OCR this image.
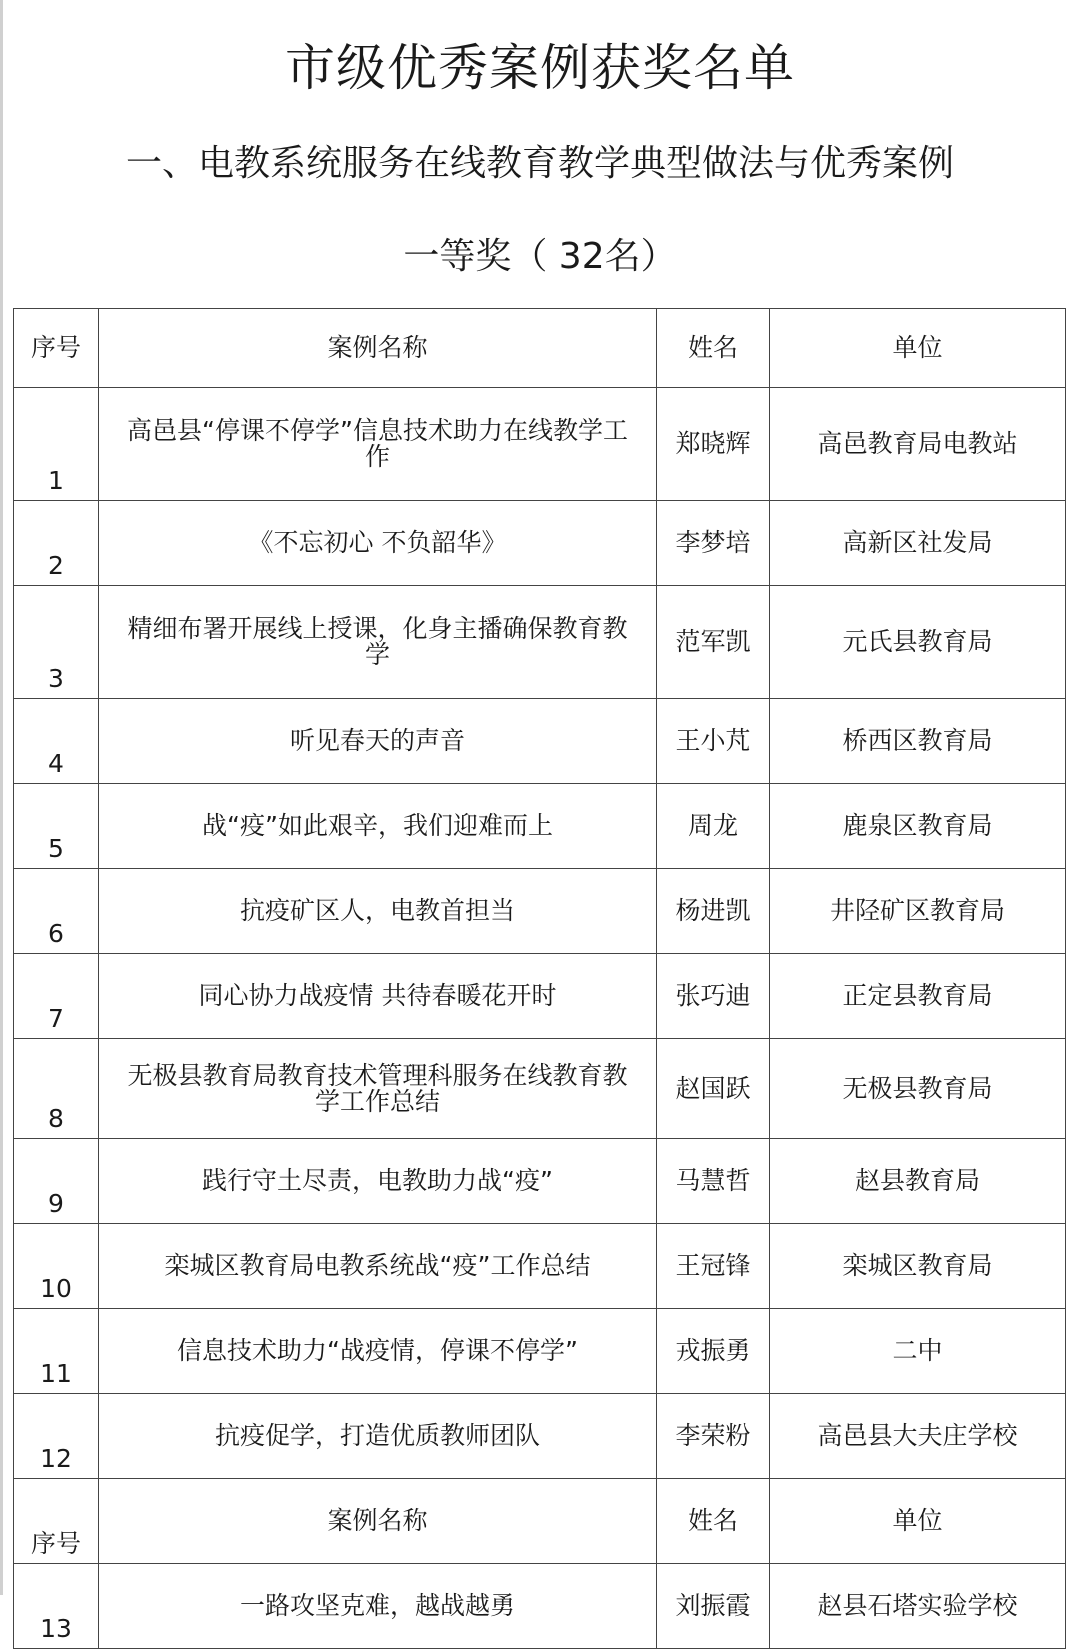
市级优秀案例获奖名单
一、电教系统服务在线教育教学典型做法与优秀案例
一等奖（ 32名）
序号	案例名称	姓名	单位
1	高邑县“停课不停学”信息技术助力在线教学工作	郑晓辉	高邑教育局电教站
2	《不忘初心 不负韶华》	李梦培	高新区社发局
3	精细布署开展线上授课，化身主播确保教育教学	范军凯	元氏县教育局
4	听见春天的声音	王小芃	桥西区教育局
5	战“疫”如此艰辛，我们迎难而上	周龙	鹿泉区教育局
6	抗疫矿区人，电教首担当	杨进凯	井陉矿区教育局
7	同心协力战疫情 共待春暖花开时	张巧迪	正定县教育局
8	无极县教育局教育技术管理科服务在线教育教学工作总结	赵国跃	无极县教育局
9	践行守土尽责，电教助力战“疫”	马慧哲	赵县教育局
10	栾城区教育局电教系统战“疫”工作总结	王冠锋	栾城区教育局
11	信息技术助力“战疫情，停课不停学”	戎振勇	二中
12	抗疫促学，打造优质教师团队	李荣粉	高邑县大夫庄学校
序号	案例名称	姓名	单位
13	一路攻坚克难，越战越勇	刘振霞	赵县石塔实验学校
